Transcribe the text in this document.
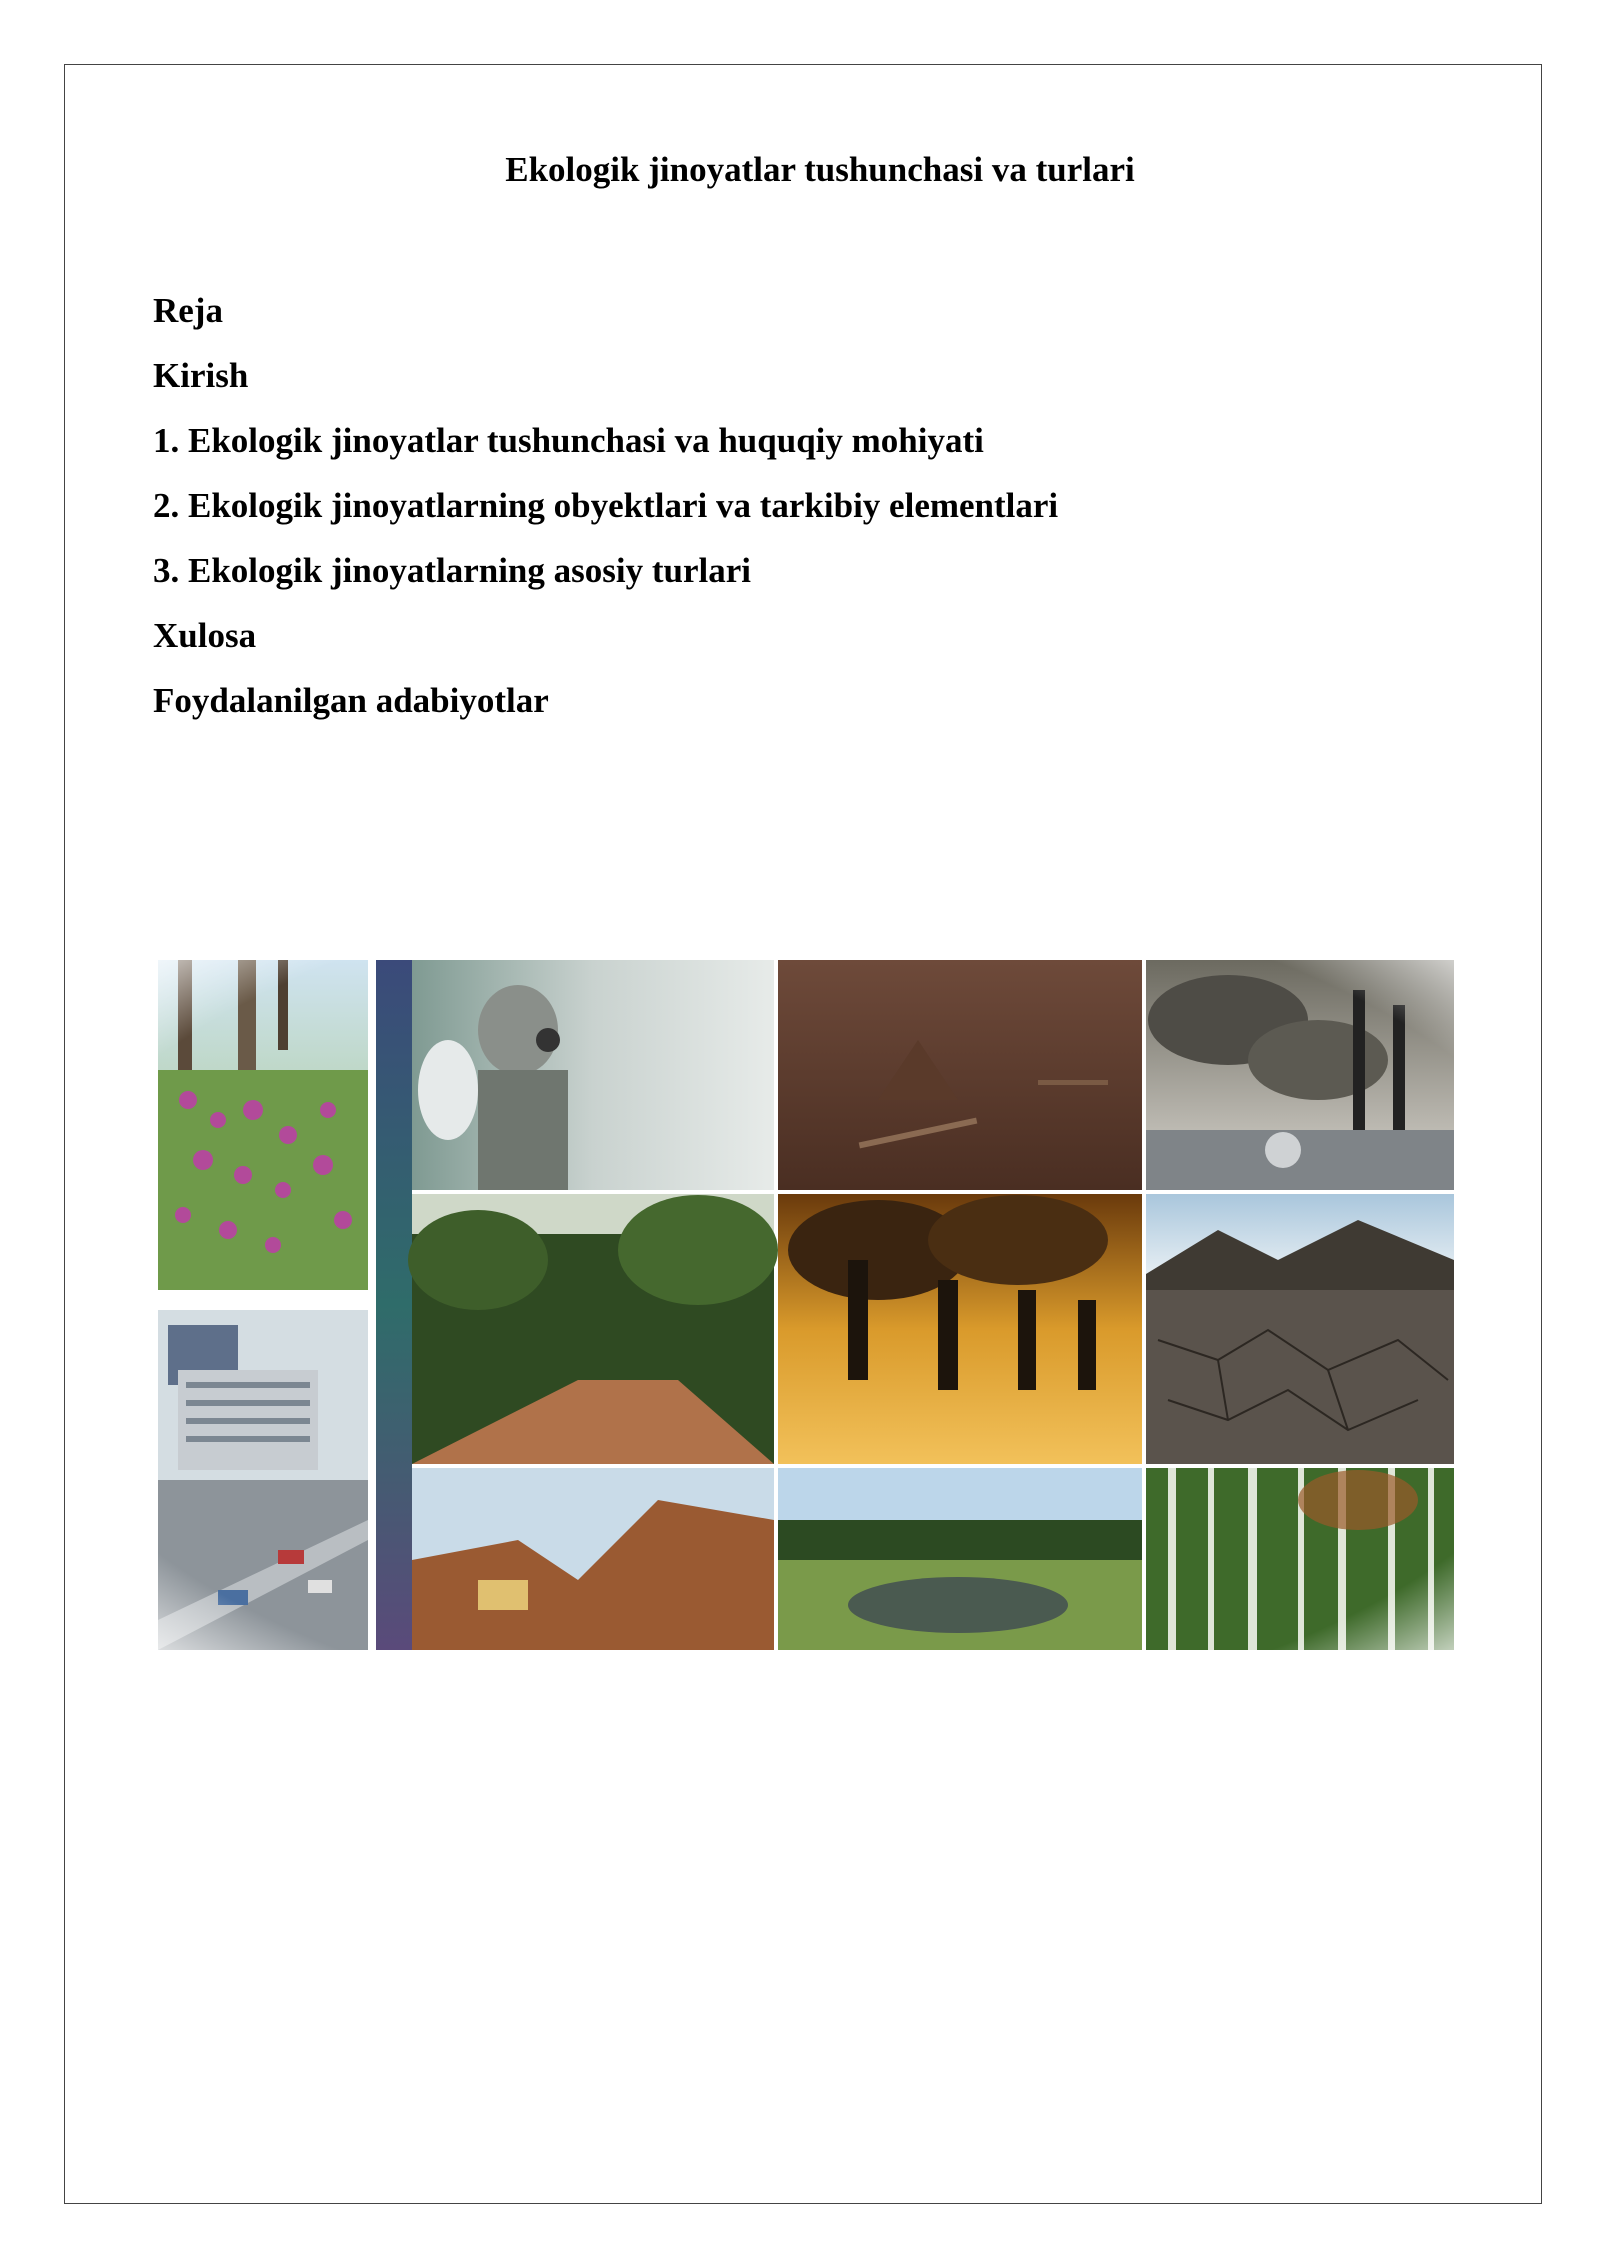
Ekologik jinoyatlar tushunchasi va turlari
Reja
Kirish
1. Ekologik jinoyatlar tushunchasi va huquqiy mohiyati
2. Ekologik jinoyatlarning obyektlari va tarkibiy elementlari
3. Ekologik jinoyatlarning asosiy turlari
Xulosa
Foydalanilgan adabiyotlar
